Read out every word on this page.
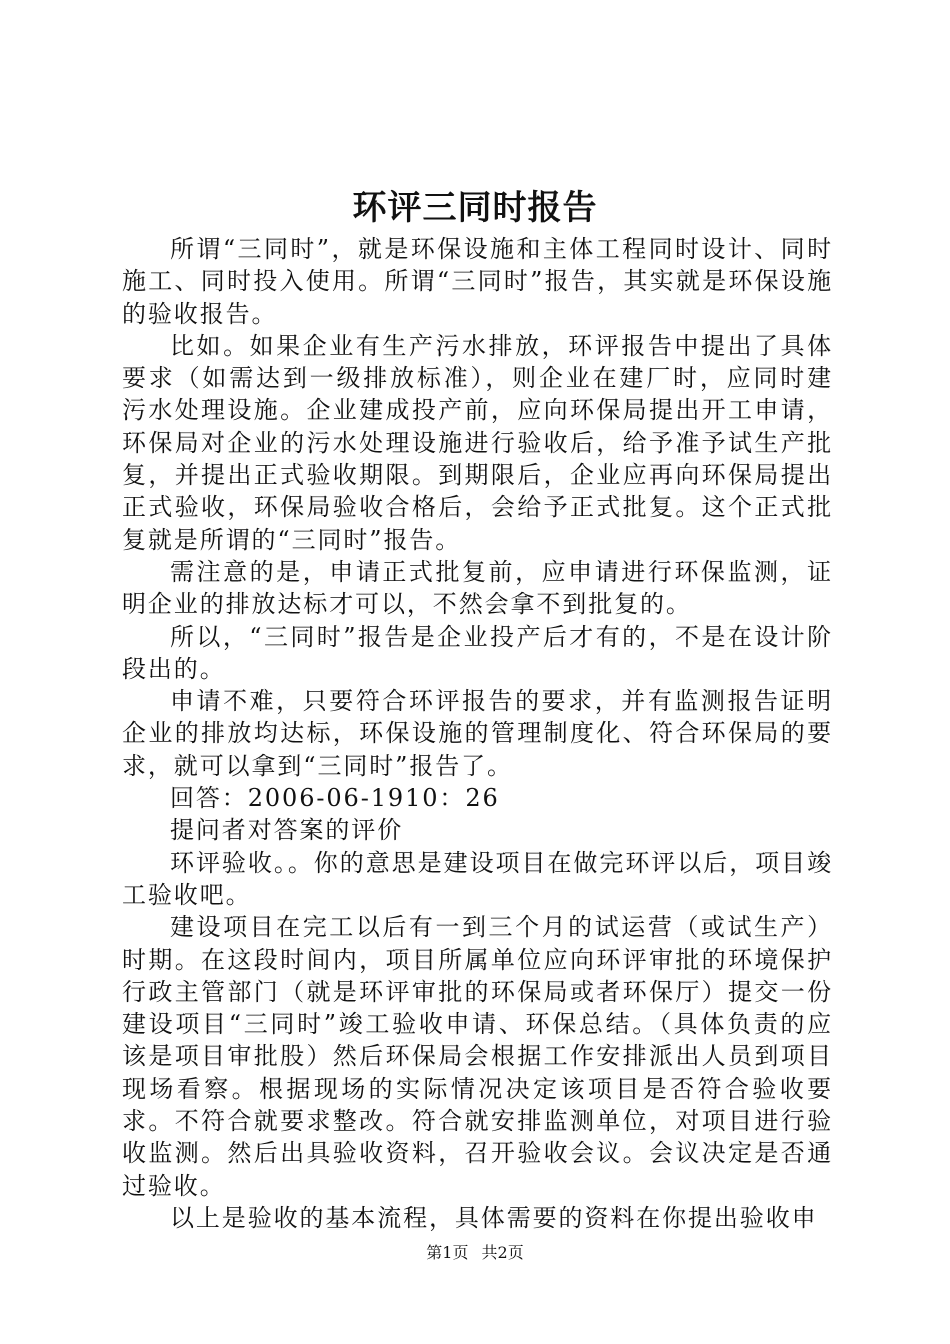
环评三同时报告

所谓“三同时”，就是环保设施和主体工程同时设计、同时施工、同时投入使用。所谓“三同时”报告，其实就是环保设施的验收报告。

比如。如果企业有生产污水排放，环评报告中提出了具体要求（如需达到一级排放标准），则企业在建厂时，应同时建污水处理设施。企业建成投产前，应向环保局提出开工申请，环保局对企业的污水处理设施进行验收后，给予准予试生产批复，并提出正式验收期限。到期限后，企业应再向环保局提出正式验收，环保局验收合格后，会给予正式批复。这个正式批复就是所谓的“三同时”报告。

需注意的是，申请正式批复前，应申请进行环保监测，证明企业的排放达标才可以，不然会拿不到批复的。

所以，“三同时”报告是企业投产后才有的，不是在设计阶段出的。

申请不难，只要符合环评报告的要求，并有监测报告证明企业的排放均达标，环保设施的管理制度化、符合环保局的要求，就可以拿到“三同时”报告了。

回答：2006-06-1910：26

提问者对答案的评价

环评验收。。你的意思是建设项目在做完环评以后，项目竣工验收吧。

建设项目在完工以后有一到三个月的试运营（或试生产）时期。在这段时间内，项目所属单位应向环评审批的环境保护行政主管部门（就是环评审批的环保局或者环保厅）提交一份建设项目“三同时”竣工验收申请、环保总结。（具体负责的应该是项目审批股）然后环保局会根据工作安排派出人员到项目现场看察。根据现场的实际情况决定该项目是否符合验收要求。不符合就要求整改。符合就安排监测单位，对项目进行验收监测。然后出具验收资料，召开验收会议。会议决定是否通过验收。

以上是验收的基本流程，具体需要的资料在你提出验收申

第1页 共2页
